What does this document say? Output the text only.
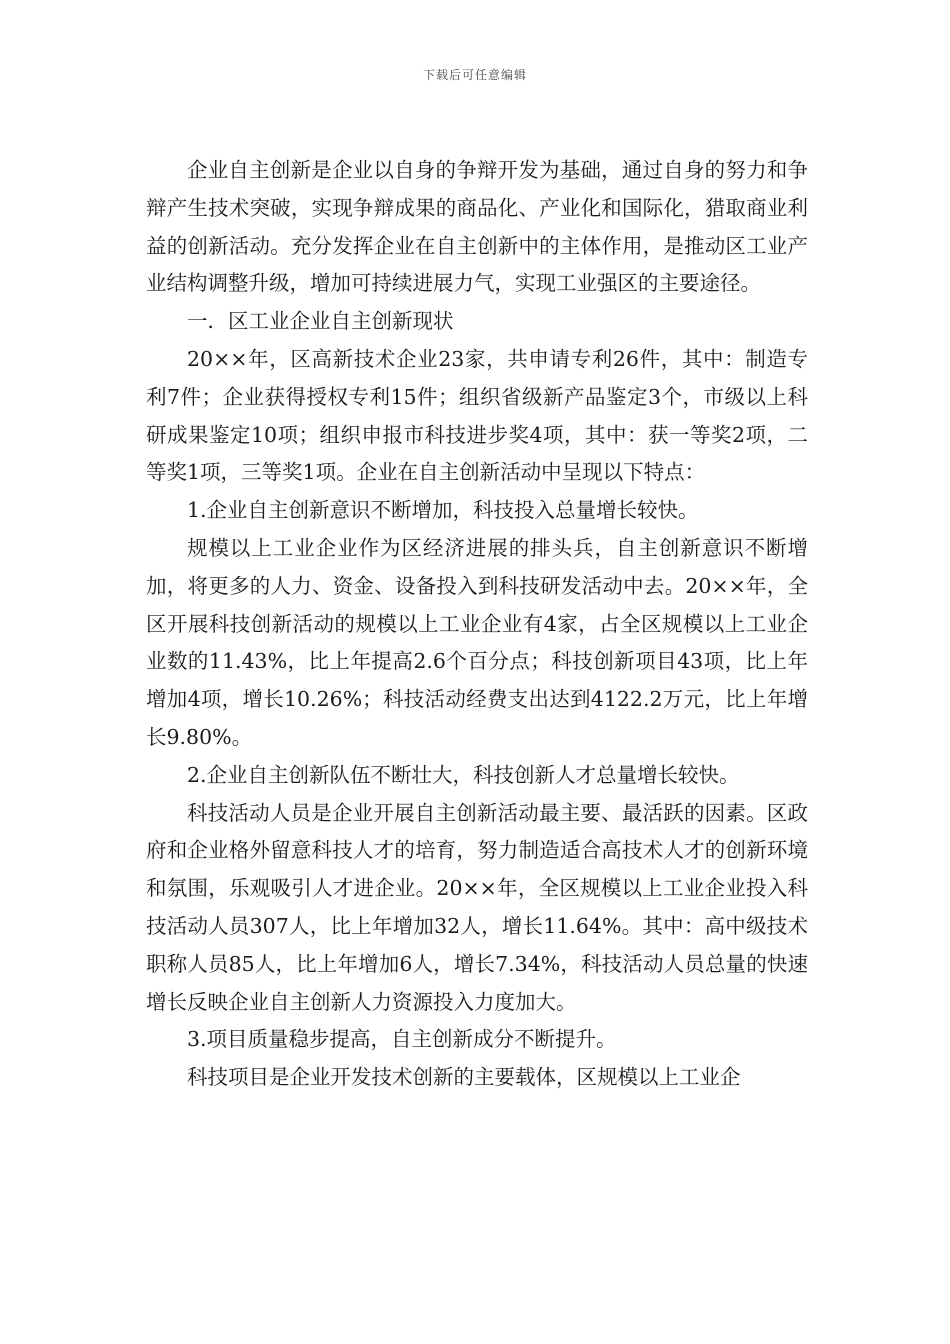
下载后可任意编辑

企业自主创新是企业以自身的争辩开发为基础，通过自身的努力和争辩产生技术突破，实现争辩成果的商品化、产业化和国际化，猎取商业利益的创新活动。充分发挥企业在自主创新中的主体作用，是推动区工业产业结构调整升级，增加可持续进展力气，实现工业强区的主要途径。

一．区工业企业自主创新现状

20××年，区高新技术企业23家，共申请专利26件，其中：制造专利7件；企业获得授权专利15件；组织省级新产品鉴定3个，市级以上科研成果鉴定10项；组织申报市科技进步奖4项，其中：获一等奖2项，二等奖1项，三等奖1项。企业在自主创新活动中呈现以下特点：

1.企业自主创新意识不断增加，科技投入总量增长较快。

规模以上工业企业作为区经济进展的排头兵，自主创新意识不断增加，将更多的人力、资金、设备投入到科技研发活动中去。20××年，全区开展科技创新活动的规模以上工业企业有4家，占全区规模以上工业企业数的11.43%，比上年提高2.6个百分点；科技创新项目43项，比上年增加4项，增长10.26%；科技活动经费支出达到4122.2万元，比上年增长9.80%。

2.企业自主创新队伍不断壮大，科技创新人才总量增长较快。

科技活动人员是企业开展自主创新活动最主要、最活跃的因素。区政府和企业格外留意科技人才的培育，努力制造适合高技术人才的创新环境和氛围，乐观吸引人才进企业。20××年，全区规模以上工业企业投入科技活动人员307人，比上年增加32人，增长11.64%。其中：高中级技术职称人员85人，比上年增加6人，增长7.34%，科技活动人员总量的快速增长反映企业自主创新人力资源投入力度加大。

3.项目质量稳步提高，自主创新成分不断提升。

科技项目是企业开发技术创新的主要载体，区规模以上工业企
